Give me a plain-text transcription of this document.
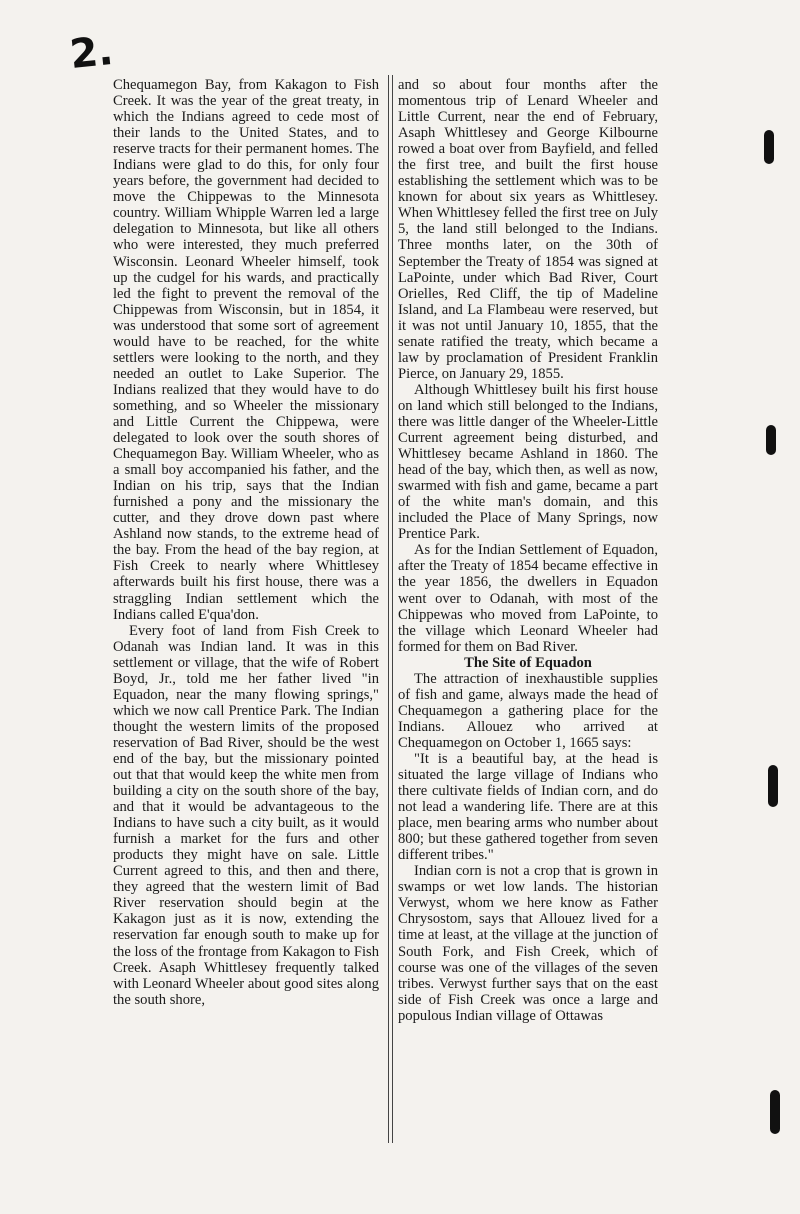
2.

Chequamegon Bay, from Kakagon to Fish Creek. It was the year of the great treaty, in which the Indians agreed to cede most of their lands to the United States, and to reserve tracts for their permanent homes. The Indians were glad to do this, for only four years before, the government had decided to move the Chippewas to the Minnesota country. William Whipple Warren led a large delegation to Minnesota, but like all others who were interested, they much preferred Wisconsin. Leonard Wheeler himself, took up the cudgel for his wards, and practically led the fight to prevent the removal of the Chippewas from Wisconsin, but in 1854, it was understood that some sort of agreement would have to be reached, for the white settlers were looking to the north, and they needed an outlet to Lake Superior. The Indians realized that they would have to do something, and so Wheeler the missionary and Little Current the Chippewa, were delegated to look over the south shores of Chequamegon Bay. William Wheeler, who as a small boy accompanied his father, and the Indian on his trip, says that the Indian furnished a pony and the missionary the cutter, and they drove down past where Ashland now stands, to the extreme head of the bay. From the head of the bay region, at Fish Creek to nearly where Whittlesey afterwards built his first house, there was a straggling Indian settlement which the Indians called E'qua'don.

Every foot of land from Fish Creek to Odanah was Indian land. It was in this settlement or village, that the wife of Robert Boyd, Jr., told me her father lived "in Equadon, near the many flowing springs," which we now call Prentice Park. The Indian thought the western limits of the proposed reservation of Bad River, should be the west end of the bay, but the missionary pointed out that that would keep the white men from building a city on the south shore of the bay, and that it would be advantageous to the Indians to have such a city built, as it would furnish a market for the furs and other products they might have on sale. Little Current agreed to this, and then and there, they agreed that the western limit of Bad River reservation should begin at the Kakagon just as it is now, extending the reservation far enough south to make up for the loss of the frontage from Kakagon to Fish Creek. Asaph Whittlesey frequently talked with Leonard Wheeler about good sites along the south shore,

and so about four months after the momentous trip of Lenard Wheeler and Little Current, near the end of February, Asaph Whittlesey and George Kilbourne rowed a boat over from Bayfield, and felled the first tree, and built the first house establishing the settlement which was to be known for about six years as Whittlesey. When Whittlesey felled the first tree on July 5, the land still belonged to the Indians. Three months later, on the 30th of September the Treaty of 1854 was signed at LaPointe, under which Bad River, Court Orielles, Red Cliff, the tip of Madeline Island, and La Flambeau were reserved, but it was not until January 10, 1855, that the senate ratified the treaty, which became a law by proclamation of President Franklin Pierce, on January 29, 1855.

Although Whittlesey built his first house on land which still belonged to the Indians, there was little danger of the Wheeler-Little Current agreement being disturbed, and Whittlesey became Ashland in 1860. The head of the bay, which then, as well as now, swarmed with fish and game, became a part of the white man's domain, and this included the Place of Many Springs, now Prentice Park.

As for the Indian Settlement of Equadon, after the Treaty of 1854 became effective in the year 1856, the dwellers in Equadon went over to Odanah, with most of the Chippewas who moved from LaPointe, to the village which Leonard Wheeler had formed for them on Bad River.

The Site of Equadon

The attraction of inexhaustible supplies of fish and game, always made the head of Chequamegon a gathering place for the Indians. Allouez who arrived at Chequamegon on October 1, 1665 says:

"It is a beautiful bay, at the head is situated the large village of Indians who there cultivate fields of Indian corn, and do not lead a wandering life. There are at this place, men bearing arms who number about 800; but these gathered together from seven different tribes."

Indian corn is not a crop that is grown in swamps or wet low lands. The historian Verwyst, whom we here know as Father Chrysostom, says that Allouez lived for a time at least, at the village at the junction of South Fork, and Fish Creek, which of course was one of the villages of the seven tribes. Verwyst further says that on the east side of Fish Creek was once a large and populous Indian village of Ottawas
